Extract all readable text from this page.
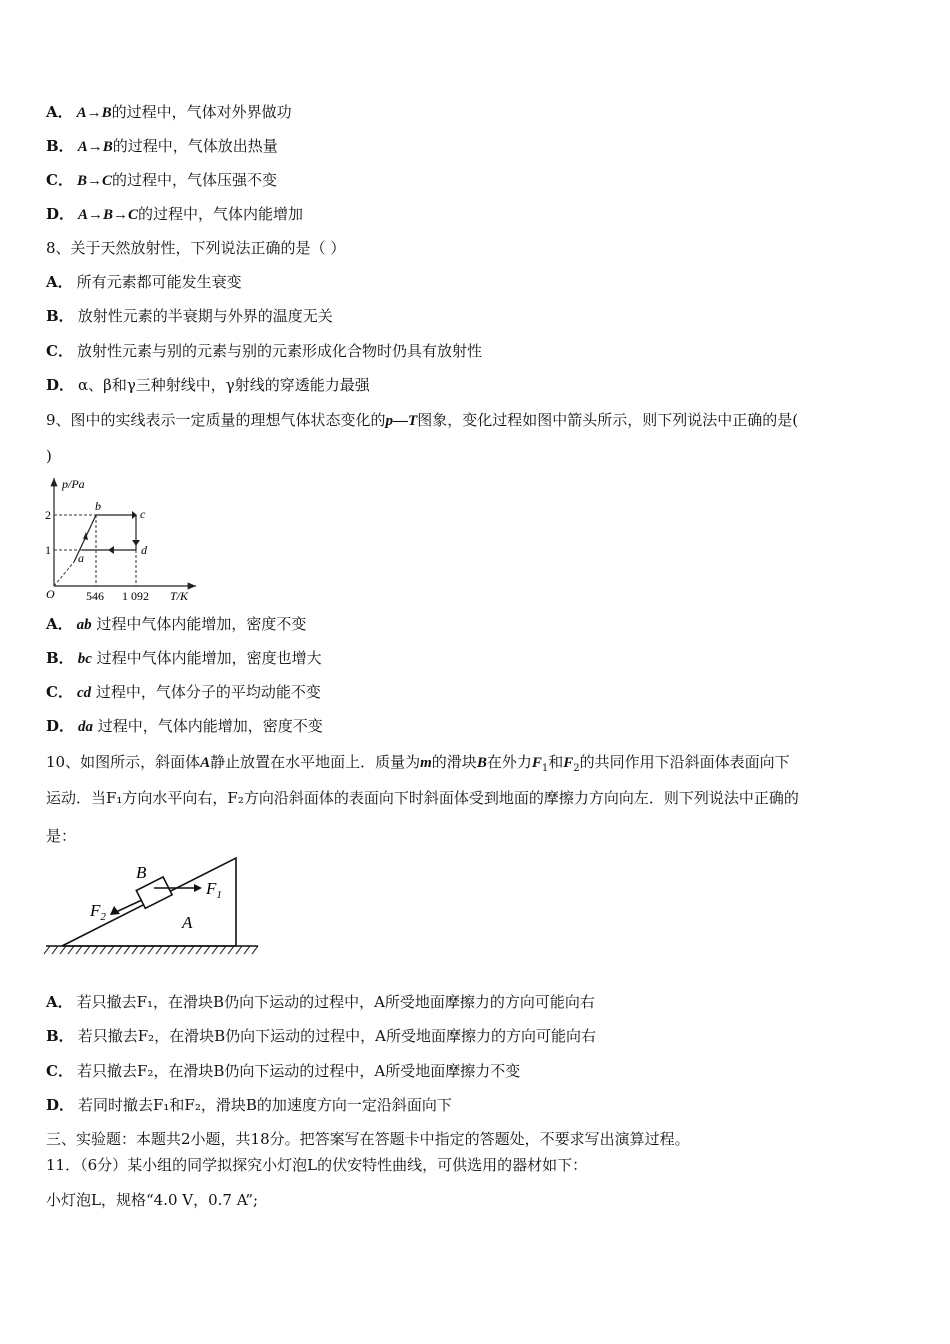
A． A→B的过程中，气体对外界做功
B． A→B的过程中，气体放出热量
C． B→C的过程中，气体压强不变
D． A→B→C的过程中，气体内能增加
8、关于天然放射性，下列说法正确的是（ ）
A． 所有元素都可能发生衰变
B． 放射性元素的半衰期与外界的温度无关
C． 放射性元素与别的元素与别的元素形成化合物时仍具有放射性
D． α、β和γ三种射线中，γ射线的穿透能力最强
9、图中的实线表示一定质量的理想气体状态变化的p—T图象，变化过程如图中箭头所示，则下列说法中正确的是(
)
p/Pa
T/K
O
2
1
546 1 092
a
b
c
d
A． ab 过程中气体内能增加，密度不变
B． bc 过程中气体内能增加，密度也增大
C． cd 过程中，气体分子的平均动能不变
D． da 过程中，气体内能增加，密度不变
10、如图所示，斜面体A静止放置在水平地面上．质量为m的滑块B在外力$F_1$和$F_2$的共同作用下沿斜面体表面向下
运动．当F₁方向水平向右，F₂方向沿斜面体的表面向下时斜面体受到地面的摩擦力方向向左．则下列说法中正确的
是：
B
A
$F_1$
$F_2$
A． 若只撤去F₁，在滑块B仍向下运动的过程中，A所受地面摩擦力的方向可能向右
B． 若只撤去F₂，在滑块B仍向下运动的过程中，A所受地面摩擦力的方向可能向右
C． 若只撤去F₂，在滑块B仍向下运动的过程中，A所受地面摩擦力不变
D． 若同时撤去F₁和F₂，滑块B的加速度方向一定沿斜面向下
三、实验题：本题共2小题，共18分。把答案写在答题卡中指定的答题处，不要求写出演算过程。
11．（6分）某小组的同学拟探究小灯泡L的伏安特性曲线，可供选用的器材如下：
小灯泡L，规格“4.0 V，0.7 A”;
